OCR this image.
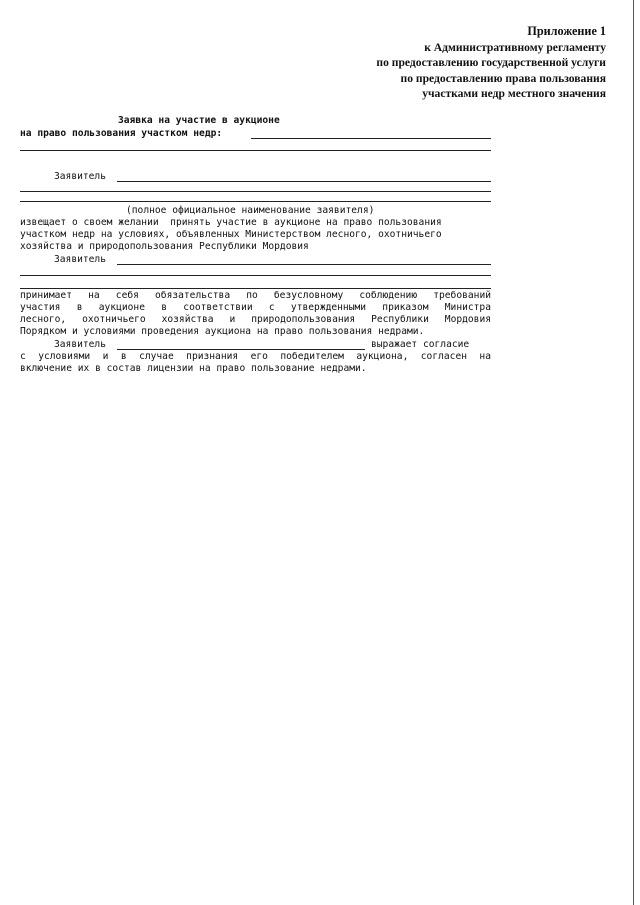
Приложение 1
к Административному регламенту
по предоставлению государственной услуги
по предоставлению права пользования
участками недр местного значения
Заявка на участие в аукционе
на право пользования участком недр:
Заявитель
(полное официальное наименование заявителя)
извещает о своем желании  принять участие в аукционе на право пользования
участком недр на условиях, объявленных Министерством лесного, охотничьего
хозяйства и природопользования Республики Мордовия
Заявитель
принимает на себя обязательства по безусловному соблюдению требований
участия в аукционе в соответствии с утвержденными приказом Министра
лесного, охотничьего хозяйства и природопользования Республики Мордовия
Порядком и условиями проведения аукциона на право пользования недрами.
Заявитель	выражает согласие
с условиями и в случае признания его победителем аукциона, согласен на
включение их в состав лицензии на право пользование недрами.
